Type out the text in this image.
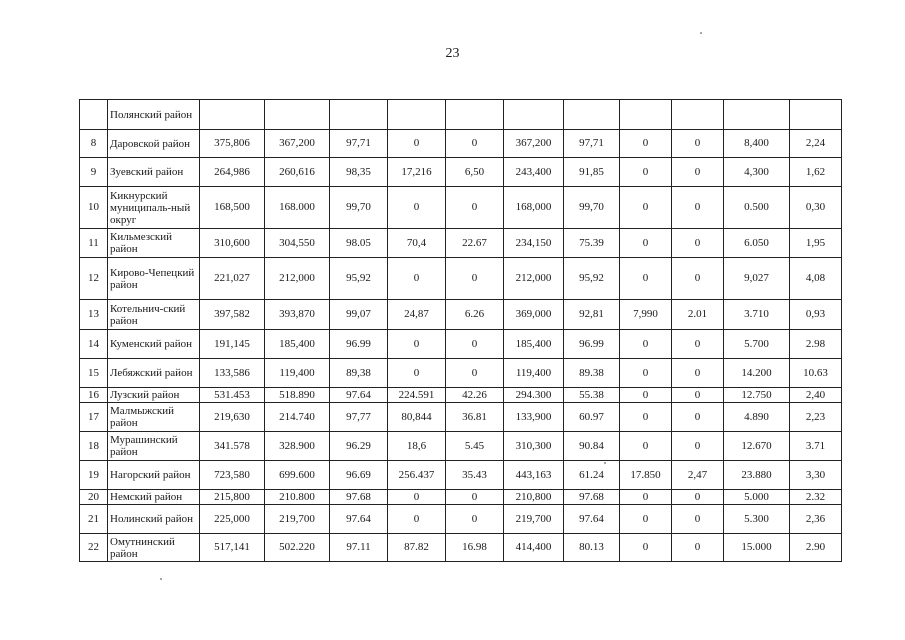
23
	Полянский район											
8	Даровской район	375,806	367,200	97,71	0	0	367,200	97,71	0	0	8,400	2,24
9	Зуевский район	264,986	260,616	98,35	17,216	6,50	243,400	91,85	0	0	4,300	1,62
10	Кикнурский муниципаль-ный округ	168,500	168.000	99,70	0	0	168,000	99,70	0	0	0.500	0,30
11	Кильмезский район	310,600	304,550	98.05	70,4	22.67	234,150	75.39	0	0	6.050	1,95
12	Кирово-Чепецкий район	221,027	212,000	95,92	0	0	212,000	95,92	0	0	9,027	4,08
13	Котельнич-ский район	397,582	393,870	99,07	24,87	6.26	369,000	92,81	7,990	2.01	3.710	0,93
14	Куменский район	191,145	185,400	96.99	0	0	185,400	96.99	0	0	5.700	2.98
15	Лебяжский район	133,586	119,400	89,38	0	0	119,400	89.38	0	0	14.200	10.63
16	Лузский район	531.453	518.890	97.64	224.591	42.26	294.300	55.38	0	0	12.750	2,40
17	Малмыжский район	219,630	214.740	97,77	80,844	36.81	133,900	60.97	0	0	4.890	2,23
18	Мурашинский район	341.578	328.900	96.29	18,6	5.45	310,300	90.84	0	0	12.670	3.71
19	Нагорский район	723,580	699.600	96.69	256.437	35.43	443,163	61.24	17.850	2,47	23.880	3,30
20	Немский район	215,800	210.800	97.68	0	0	210,800	97.68	0	0	5.000	2.32
21	Нолинский район	225,000	219,700	97.64	0	0	219,700	97.64	0	0	5.300	2,36
22	Омутнинский район	517,141	502.220	97.11	87.82	16.98	414,400	80.13	0	0	15.000	2.90
